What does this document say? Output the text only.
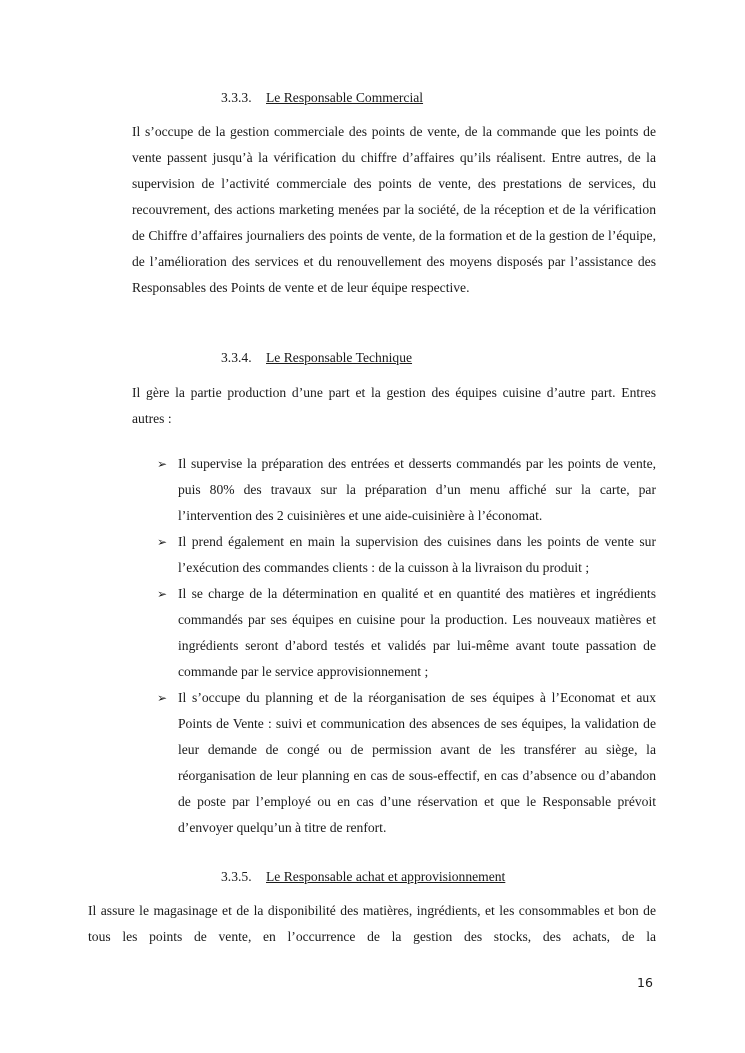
3.3.3. Le Responsable Commercial

Il s’occupe de la gestion commerciale des points de vente, de la commande que les points de vente passent jusqu’à la vérification du chiffre d’affaires qu’ils réalisent. Entre autres, de la supervision de l’activité commerciale des points de vente, des prestations de services, du recouvrement, des actions marketing menées par la société, de la réception et de la vérification de Chiffre d’affaires journaliers des points de vente, de la formation et de la gestion de l’équipe, de l’amélioration des services et du renouvellement des moyens disposés par l’assistance des Responsables des Points de vente et de leur équipe respective.

3.3.4. Le Responsable Technique

Il gère la partie production d’une part et la gestion des équipes cuisine d’autre part. Entres autres :

➢ Il supervise la préparation des entrées et desserts commandés par les points de vente, puis 80% des travaux sur la préparation d’un menu affiché sur la carte, par l’intervention des 2 cuisinières et une aide-cuisinière à l’économat.
➢ Il prend également en main la supervision des cuisines dans les points de vente sur l’exécution des commandes clients : de la cuisson à la livraison du produit ;
➢ Il se charge de la détermination en qualité et en quantité des matières et ingrédients commandés par ses équipes en cuisine pour la production. Les nouveaux matières et ingrédients seront d’abord testés et validés par lui-même avant toute passation de commande par le service approvisionnement ;
➢ Il s’occupe du planning et de la réorganisation de ses équipes à l’Economat et aux Points de Vente : suivi et communication des absences de ses équipes, la validation de leur demande de congé ou de permission avant de les transférer au siège, la réorganisation de leur planning en cas de sous-effectif, en cas d’absence ou d’abandon de poste par l’employé ou en cas d’une réservation et que le Responsable prévoit d’envoyer quelqu’un à titre de renfort.
3.3.5. Le Responsable achat et approvisionnement

Il assure le magasinage et de la disponibilité des matières, ingrédients, et les consommables et bon de tous les points de vente, en l’occurrence de la gestion des stocks, des achats, de la

16
